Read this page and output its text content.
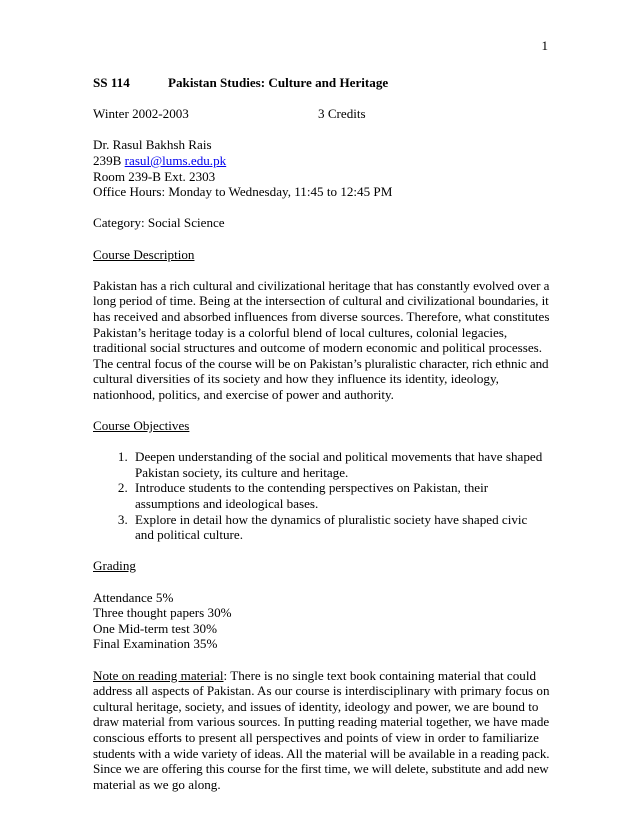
1

SS 114	Pakistan Studies: Culture and Heritage

Winter 2002-2003	3 Credits

Dr. Rasul Bakhsh Rais

239B rasul@lums.edu.pk

Room 239-B Ext. 2303

Office Hours: Monday to Wednesday, 11:45 to 12:45 PM

Category: Social Science

Course Description

Pakistan has a rich cultural and civilizational heritage that has constantly evolved over a

long period of time. Being at the intersection of cultural and civilizational boundaries, it

has received and absorbed influences from diverse sources. Therefore, what constitutes

Pakistan’s heritage today is a colorful blend of local cultures, colonial legacies,

traditional social structures and outcome of modern economic and political processes.

The central focus of the course will be on Pakistan’s pluralistic character, rich ethnic and

cultural diversities of its society and how they influence its identity, ideology,

nationhood, politics, and exercise of power and authority.

Course Objectives

1. Deepen understanding of the social and political movements that have shaped Pakistan society, its culture and heritage.
2. Introduce students to the contending perspectives on Pakistan, their assumptions and ideological bases.
3. Explore in detail how the dynamics of pluralistic society have shaped civic and political culture.

Grading

Attendance 5%

Three thought papers 30%

One Mid-term test 30%

Final Examination 35%

Note on reading material: There is no single text book containing material that could

address all aspects of Pakistan. As our course is interdisciplinary with primary focus on

cultural heritage, society, and issues of identity, ideology and power, we are bound to

draw material from various sources. In putting reading material together, we have made

conscious efforts to present all perspectives and points of view in order to familiarize

students with a wide variety of ideas. All the material will be available in a reading pack.

Since we are offering this course for the first time, we will delete, substitute and add new

material as we go along.
